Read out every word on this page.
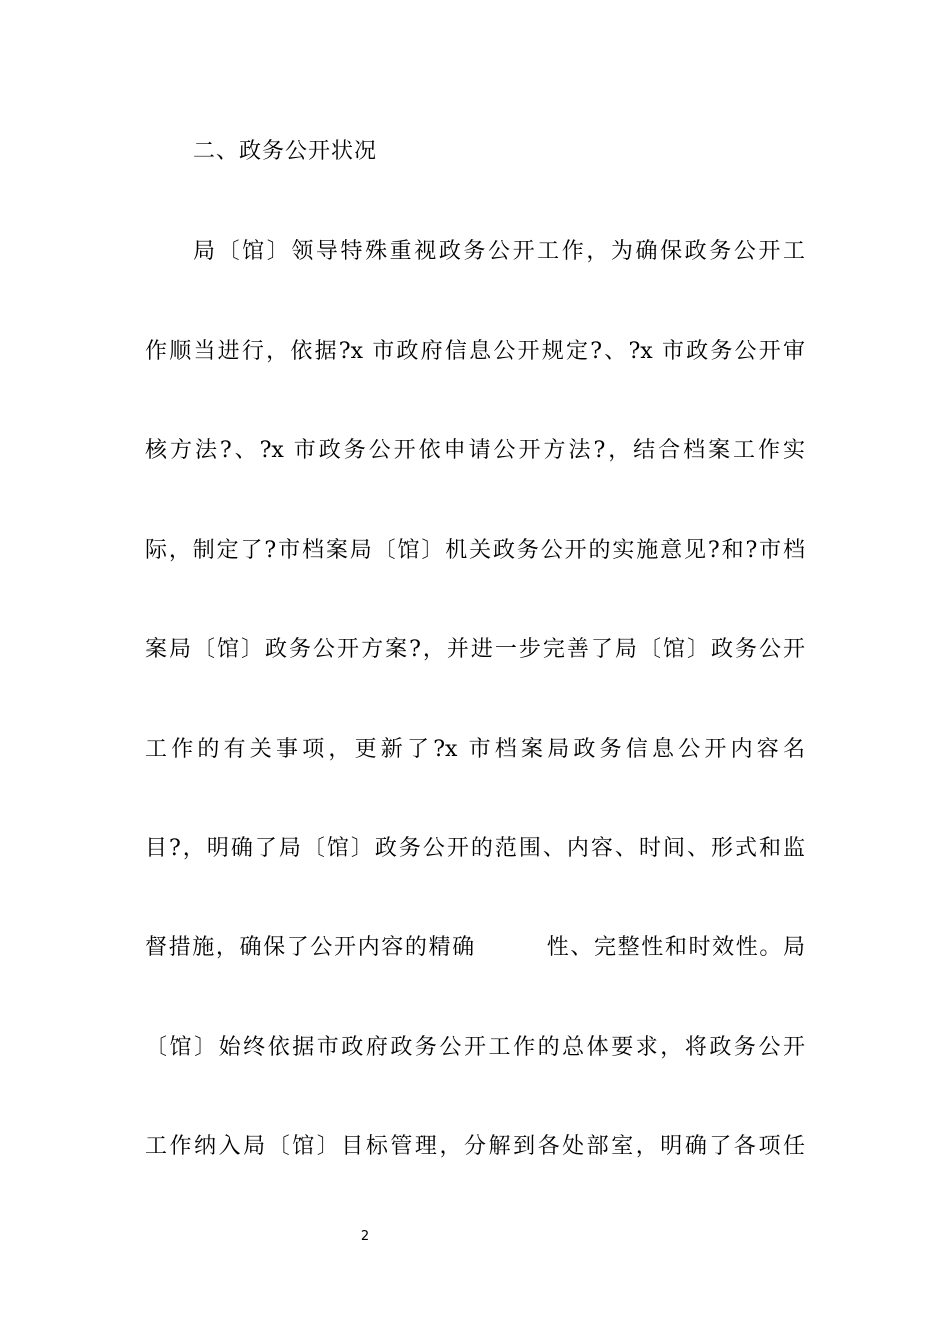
二、政务公开状况
局〔馆〕领导特殊重视政务公开工作，为确保政务公开工
作顺当进行，依据?x 市政府信息公开规定?、?x 市政务公开审
核方法?、?x 市政务公开依申请公开方法?，结合档案工作实
际，制定了?市档案局〔馆〕机关政务公开的实施意见?和?市档
案局〔馆〕政务公开方案?，并进一步完善了局〔馆〕政务公开
工作的有关事项，更新了?x 市档案局政务信息公开内容名
目?，明确了局〔馆〕政务公开的范围、内容、时间、形式和监
督措施，确保了公开内容的精确　　　性、完整性和时效性。局
〔馆〕始终依据市政府政务公开工作的总体要求，将政务公开
工作纳入局〔馆〕目标管理，分解到各处部室，明确了各项任
2
